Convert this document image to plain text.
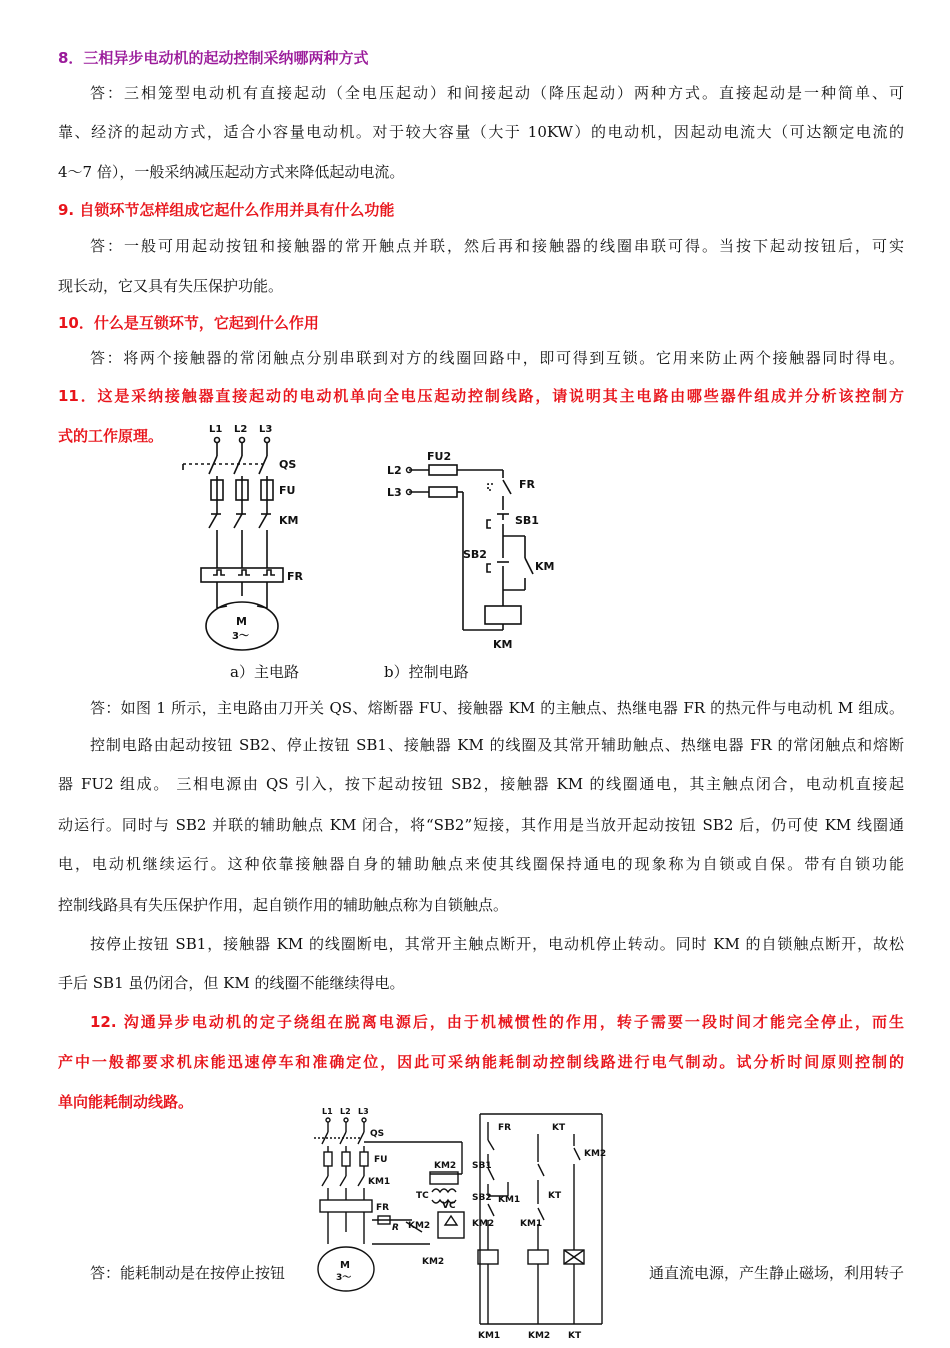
8．三相异步电动机的起动控制采纳哪两种方式
答：三相笼型电动机有直接起动（全电压起动）和间接起动（降压起动）两种方式。直接起动是一种简单、可
靠、经济的起动方式，适合小容量电动机。对于较大容量（大于 10KW）的电动机，因起动电流大（可达额定电流的
4～7 倍），一般采纳减压起动方式来降低起动电流。
9. 自锁环节怎样组成它起什么作用并具有什么功能
答：一般可用起动按钮和接触器的常开触点并联，然后再和接触器的线圈串联可得。当按下起动按钮后，可实
现长动，它又具有失压保护功能。
10．什么是互锁环节，它起到什么作用
答：将两个接触器的常闭触点分别串联到对方的线圈回路中，即可得到互锁。它用来防止两个接触器同时得电。
11．这是采纳接触器直接起动的电动机单向全电压起动控制线路，请说明其主电路由哪些器件组成并分析该控制方
式的工作原理。	L1 L2 L3
QS
FU
KM
FR
M
3～
FU2
L2
L3
FR
SB1
SB2
KM
KM
a）主电路	b）控制电路
答：如图 1 所示，主电路由刀开关 QS、熔断器 FU、接触器 KM 的主触点、热继电器 FR 的热元件与电动机 M 组成。
控制电路由起动按钮 SB2、停止按钮 SB1、接触器 KM 的线圈及其常开辅助触点、热继电器 FR 的常闭触点和熔断
器 FU2 组成。 三相电源由 QS 引入，按下起动按钮 SB2，接触器 KM 的线圈通电，其主触点闭合，电动机直接起
动运行。同时与 SB2 并联的辅助触点 KM 闭合，将“SB2”短接，其作用是当放开起动按钮 SB2 后，仍可使 KM 线圈通
电，电动机继续运行。这种依靠接触器自身的辅助触点来使其线圈保持通电的现象称为自锁或自保。带有自锁功能
控制线路具有失压保护作用，起自锁作用的辅助触点称为自锁触点。
按停止按钮 SB1，接触器 KM 的线圈断电，其常开主触点断开，电动机停止转动。同时 KM 的自锁触点断开，故松
手后 SB1 虽仍闭合，但 KM 的线圈不能继续得电。
12. 沟通异步电动机的定子绕组在脱离电源后，由于机械惯性的作用，转子需要一段时间才能完全停止，而生
产中一般都要求机床能迅速停车和准确定位，因此可采纳能耗制动控制线路进行电气制动。试分析时间原则控制的
单向能耗制动线路。
答：能耗制动是在按停止按钮	通直流电源，产生静止磁场，利用转子
L1 L2 L3
QS
FU
KM1
FR
R
KM2
TC
VC
KM2
KM2
M
3～
FR	KT
KM2
SB1
SB2 KM1	KT
KM2	KM1
KM1	KM2 KT
